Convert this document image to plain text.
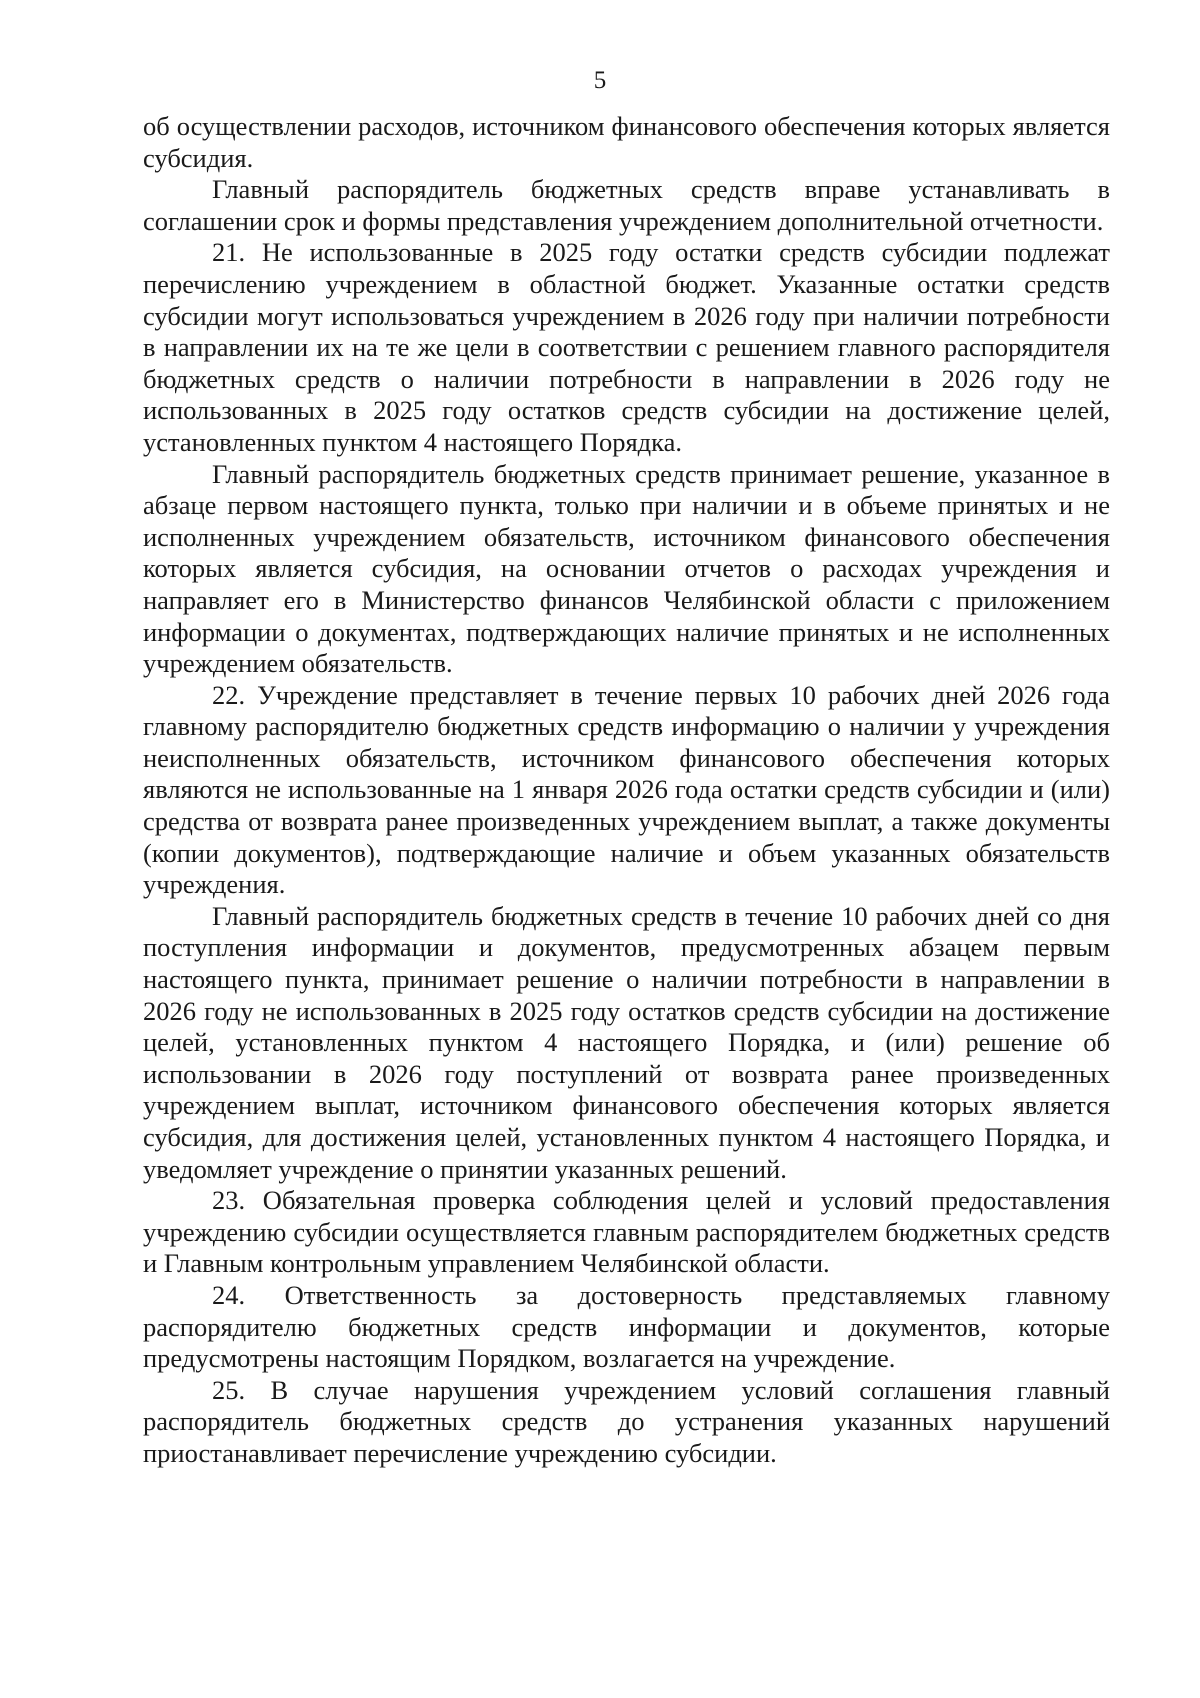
5

об осуществлении расходов, источником финансового обеспечения которых является субсидия.

Главный распорядитель бюджетных средств вправе устанавливать в соглашении срок и формы представления учреждением дополнительной отчетности.

21. Не использованные в 2025 году остатки средств субсидии подлежат перечислению учреждением в областной бюджет. Указанные остатки средств субсидии могут использоваться учреждением в 2026 году при наличии потребности в направлении их на те же цели в соответствии с решением главного распорядителя бюджетных средств о наличии потребности в направлении в 2026 году не использованных в 2025 году остатков средств субсидии на достижение целей, установленных пунктом 4 настоящего Порядка.

Главный распорядитель бюджетных средств принимает решение, указанное в абзаце первом настоящего пункта, только при наличии и в объеме принятых и не исполненных учреждением обязательств, источником финансового обеспечения которых является субсидия, на основании отчетов о расходах учреждения и направляет его в Министерство финансов Челябинской области с приложением информации о документах, подтверждающих наличие принятых и не исполненных учреждением обязательств.

22. Учреждение представляет в течение первых 10 рабочих дней 2026 года главному распорядителю бюджетных средств информацию о наличии у учреждения неисполненных обязательств, источником финансового обеспечения которых являются не использованные на 1 января 2026 года остатки средств субсидии и (или) средства от возврата ранее произведенных учреждением выплат, а также документы (копии документов), подтверждающие наличие и объем указанных обязательств учреждения.

Главный распорядитель бюджетных средств в течение 10 рабочих дней со дня поступления информации и документов, предусмотренных абзацем первым настоящего пункта, принимает решение о наличии потребности в направлении в 2026 году не использованных в 2025 году остатков средств субсидии на достижение целей, установленных пунктом 4 настоящего Порядка, и (или) решение об использовании в 2026 году поступлений от возврата ранее произведенных учреждением выплат, источником финансового обеспечения которых является субсидия, для достижения целей, установленных пунктом 4 настоящего Порядка, и уведомляет учреждение о принятии указанных решений.

23. Обязательная проверка соблюдения целей и условий предоставления учреждению субсидии осуществляется главным распорядителем бюджетных средств и Главным контрольным управлением Челябинской области.

24. Ответственность за достоверность представляемых главному распорядителю бюджетных средств информации и документов, которые предусмотрены настоящим Порядком, возлагается на учреждение.

25. В случае нарушения учреждением условий соглашения главный распорядитель бюджетных средств до устранения указанных нарушений приостанавливает перечисление учреждению субсидии.
